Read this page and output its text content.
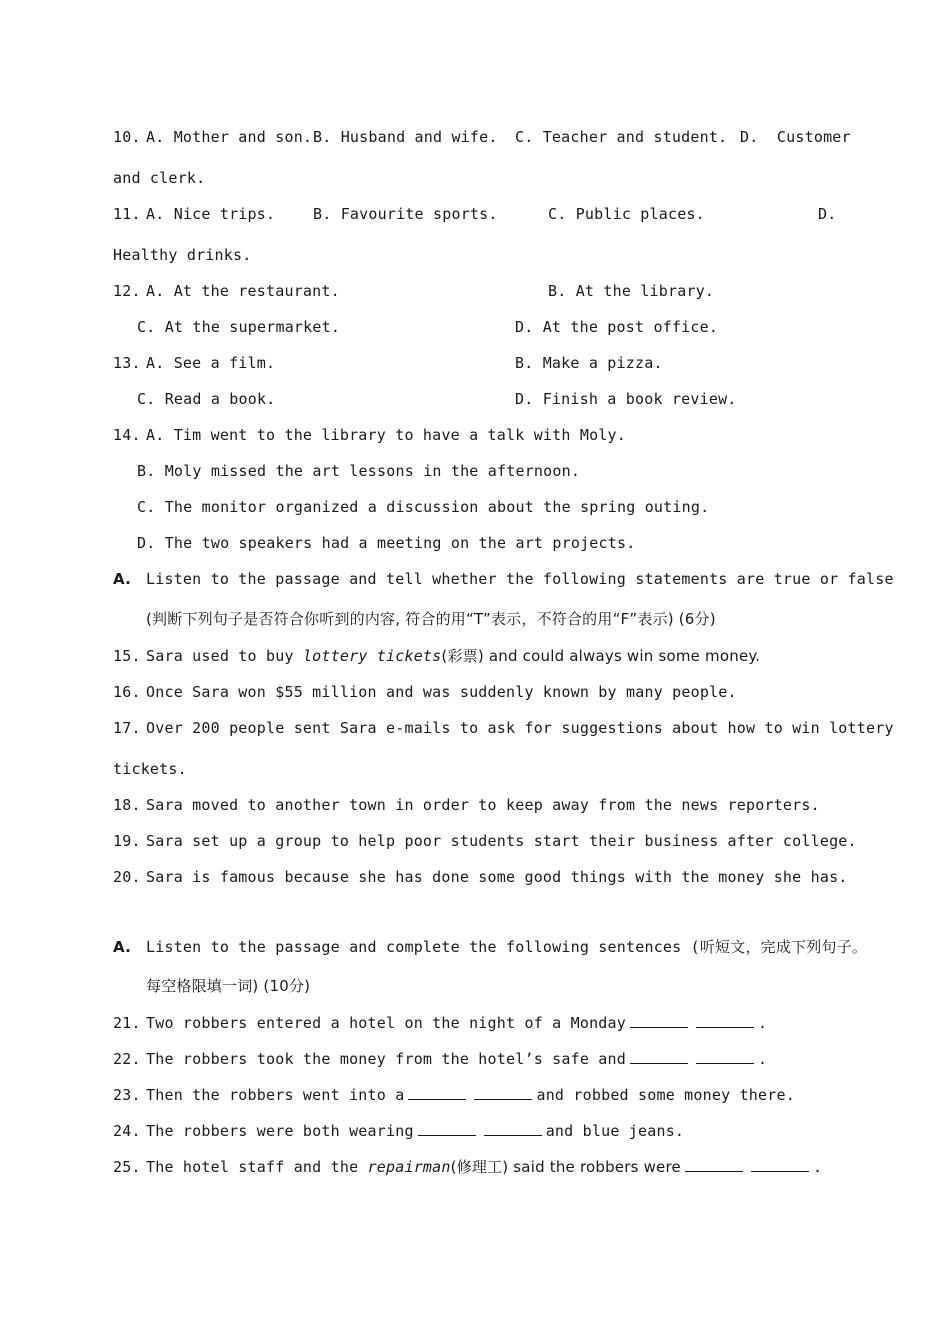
10. A. Mother and son. B. Husband and wife. C. Teacher and student. D.  Customer
and clerk.
11. A. Nice trips.	B. Favourite sports.	C. Public places.	D.
Healthy drinks.
12. A. At the restaurant.	B. At the library.
C. At the supermarket.	D. At the post office.
13. A. See a film.	B. Make a pizza.
C. Read a book.	D. Finish a book review.
14. A. Tim went to the library to have a talk with Moly.
B. Moly missed the art lessons in the afternoon.
C. The monitor organized a discussion about the spring outing.
D. The two speakers had a meeting on the art projects.
A. Listen to the passage and tell whether the following statements are true or false
(判断下列句子是否符合你听到的内容, 符合的用“T”表示，不符合的用“F”表示) (6分)
15. Sara used to buy lottery tickets(彩票) and could always win some money.
16. Once Sara won $55 million and was suddenly known by many people.
17. Over 200 people sent Sara e-mails to ask for suggestions about how to win lottery
tickets.
18. Sara moved to another town in order to keep away from the news reporters.
19. Sara set up a group to help poor students start their business after college.
20. Sara is famous because she has done some good things with the money she has.
A. Listen to the passage and complete the following sentences (听短文，完成下列句子。
每空格限填一词) (10分)
21. Two robbers entered a hotel on the night of a Monday	.
22. The robbers took the money from the hotel’s safe and	.
23. Then the robbers went into a	and robbed some money there.
24. The robbers were both wearing	and blue jeans.
25. The hotel staff and the repairman(修理工) said the robbers were	.
